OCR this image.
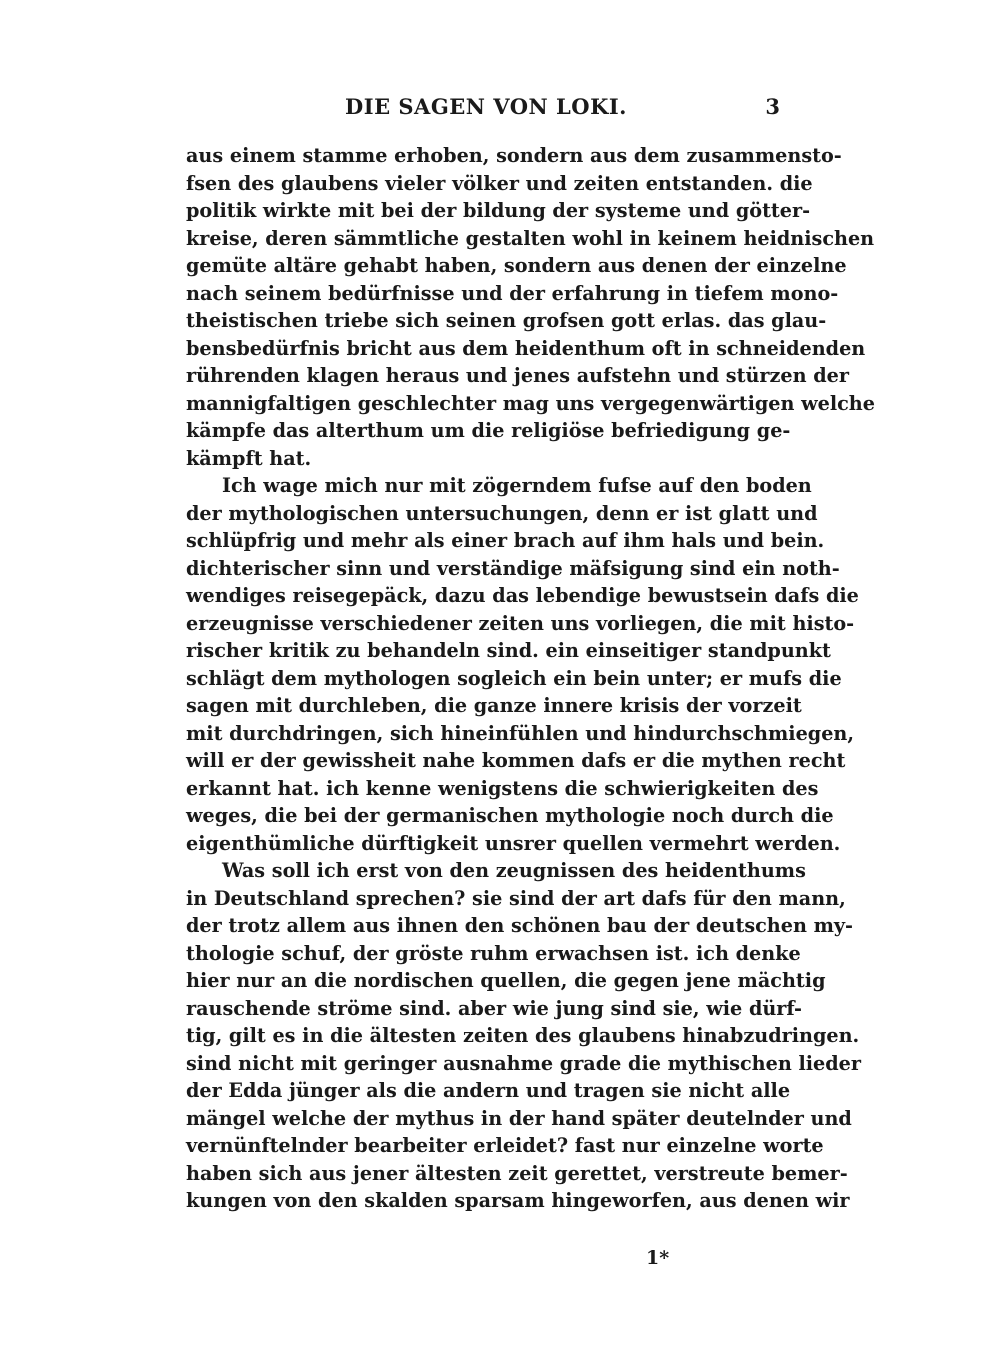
DIE SAGEN VON LOKI.	3
aus einem stamme erhoben, sondern aus dem zusammensto-
fsen des glaubens vieler völker und zeiten entstanden. die
politik wirkte mit bei der bildung der systeme und götter-
kreise, deren sämmtliche gestalten wohl in keinem heidnischen
gemüte altäre gehabt haben, sondern aus denen der einzelne
nach seinem bedürfnisse und der erfahrung in tiefem mono-
theistischen triebe sich seinen grofsen gott erlas. das glau-
bensbedürfnis bricht aus dem heidenthum oft in schneidenden
rührenden klagen heraus und jenes aufstehn und stürzen der
mannigfaltigen geschlechter mag uns vergegenwärtigen welche
kämpfe das alterthum um die religiöse befriedigung ge-
kämpft hat.
Ich wage mich nur mit zögerndem fufse auf den boden
der mythologischen untersuchungen, denn er ist glatt und
schlüpfrig und mehr als einer brach auf ihm hals und bein.
dichterischer sinn und verständige mäfsigung sind ein noth-
wendiges reisegepäck, dazu das lebendige bewustsein dafs die
erzeugnisse verschiedener zeiten uns vorliegen, die mit histo-
rischer kritik zu behandeln sind. ein einseitiger standpunkt
schlägt dem mythologen sogleich ein bein unter; er mufs die
sagen mit durchleben, die ganze innere krisis der vorzeit
mit durchdringen, sich hineinfühlen und hindurchschmiegen,
will er der gewissheit nahe kommen dafs er die mythen recht
erkannt hat. ich kenne wenigstens die schwierigkeiten des
weges, die bei der germanischen mythologie noch durch die
eigenthümliche dürftigkeit unsrer quellen vermehrt werden.
Was soll ich erst von den zeugnissen des heidenthums
in Deutschland sprechen? sie sind der art dafs für den mann,
der trotz allem aus ihnen den schönen bau der deutschen my-
thologie schuf, der gröste ruhm erwachsen ist. ich denke
hier nur an die nordischen quellen, die gegen jene mächtig
rauschende ströme sind. aber wie jung sind sie, wie dürf-
tig, gilt es in die ältesten zeiten des glaubens hinabzudringen.
sind nicht mit geringer ausnahme grade die mythischen lieder
der Edda jünger als die andern und tragen sie nicht alle
mängel welche der mythus in der hand später deutelnder und
vernünftelnder bearbeiter erleidet? fast nur einzelne worte
haben sich aus jener ältesten zeit gerettet, verstreute bemer-
kungen von den skalden sparsam hingeworfen, aus denen wir
1*
